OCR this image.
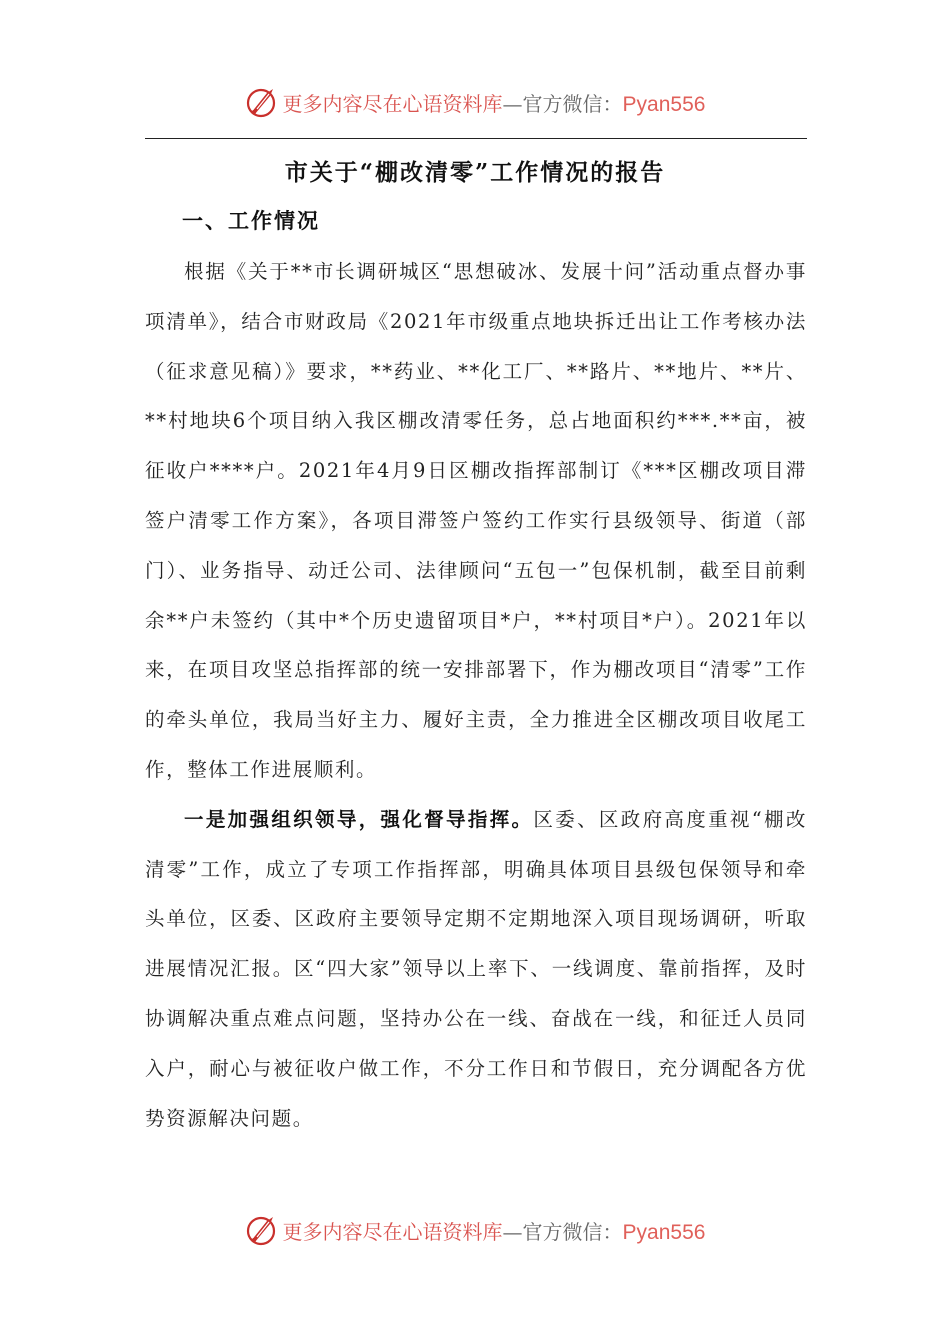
更多内容尽在心语资料库—官方微信：Pyan556
市关于“棚改清零”工作情况的报告
一、工作情况

根据《关于**市长调研城区“思想破冰、发展十问”活动重点督办事项清单》，结合市财政局《2021年市级重点地块拆迁出让工作考核办法（征求意见稿）》要求，**药业、**化工厂、**路片、**地片、**片、**村地块6个项目纳入我区棚改清零任务，总占地面积约***.**亩，被征收户****户。2021年4月9日区棚改指挥部制订《***区棚改项目滞签户清零工作方案》，各项目滞签户签约工作实行县级领导、街道（部门）、业务指导、动迁公司、法律顾问“五包一”包保机制，截至目前剩余**户未签约（其中*个历史遗留项目*户，**村项目*户）。2021年以来，在项目攻坚总指挥部的统一安排部署下，作为棚改项目“清零”工作的牵头单位，我局当好主力、履好主责，全力推进全区棚改项目收尾工作，整体工作进展顺利。

一是加强组织领导，强化督导指挥。区委、区政府高度重视“棚改清零”工作，成立了专项工作指挥部，明确具体项目县级包保领导和牵头单位，区委、区政府主要领导定期不定期地深入项目现场调研，听取进展情况汇报。区“四大家”领导以上率下、一线调度、靠前指挥，及时协调解决重点难点问题，坚持办公在一线、奋战在一线，和征迁人员同入户，耐心与被征收户做工作，不分工作日和节假日，充分调配各方优势资源解决问题。

更多内容尽在心语资料库—官方微信：Pyan556
